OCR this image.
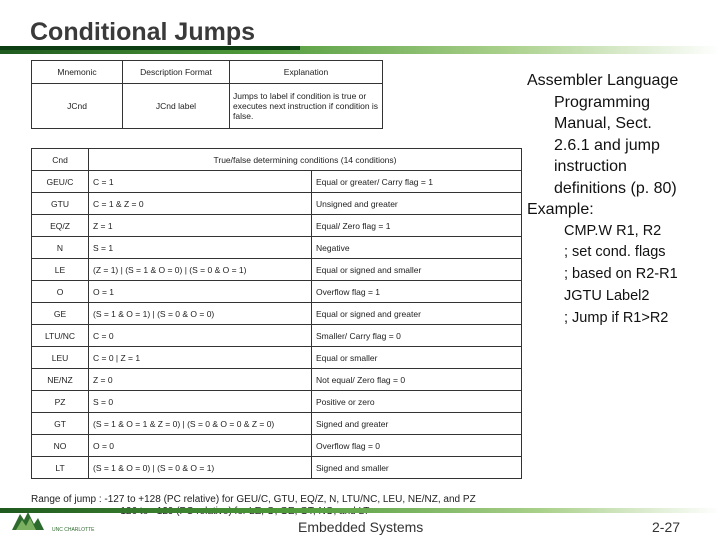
Conditional Jumps
Mnemonic	Description Format	Explanation
JCnd	JCnd label	Jumps to label if condition is true or executes next instruction if condition is false.
Cnd	True/false determining conditions (14 conditions)	
GEU/C	C = 1	Equal or greater/ Carry flag = 1
GTU	C = 1 & Z = 0	Unsigned and greater
EQ/Z	Z = 1	Equal/ Zero flag = 1
N	S = 1	Negative
LE	(Z = 1) | (S = 1 & O = 0) | (S = 0 & O = 1)	Equal or signed and smaller
O	O = 1	Overflow flag = 1
GE	(S = 1 & O = 1) | (S = 0 & O = 0)	Equal or signed and greater
LTU/NC	C = 0	Smaller/ Carry flag = 0
LEU	C = 0 | Z = 1	Equal or smaller
NE/NZ	Z = 0	Not equal/ Zero flag = 0
PZ	S = 0	Positive or zero
GT	(S = 1 & O = 1 & Z = 0) | (S = 0 & O = 0 & Z = 0)	Signed and greater
NO	O = 0	Overflow flag = 0
LT	(S = 1 & O = 0) | (S = 0 & O = 1)	Signed and smaller
Range of jump : -127 to +128 (PC relative) for GEU/C, GTU, EQ/Z, N, LTU/NC, LEU, NE/NZ, and PZ
Assembler Language
Programming
Manual, Sect.
2.6.1 and jump
instruction
definitions (p. 80)
Example:
CMP.W R1, R2
; set cond. flags
; based on R2-R1
JGTU Label2
; Jump if R1>R2
UNC CHARLOTTE	Embedded Systems	2-27
